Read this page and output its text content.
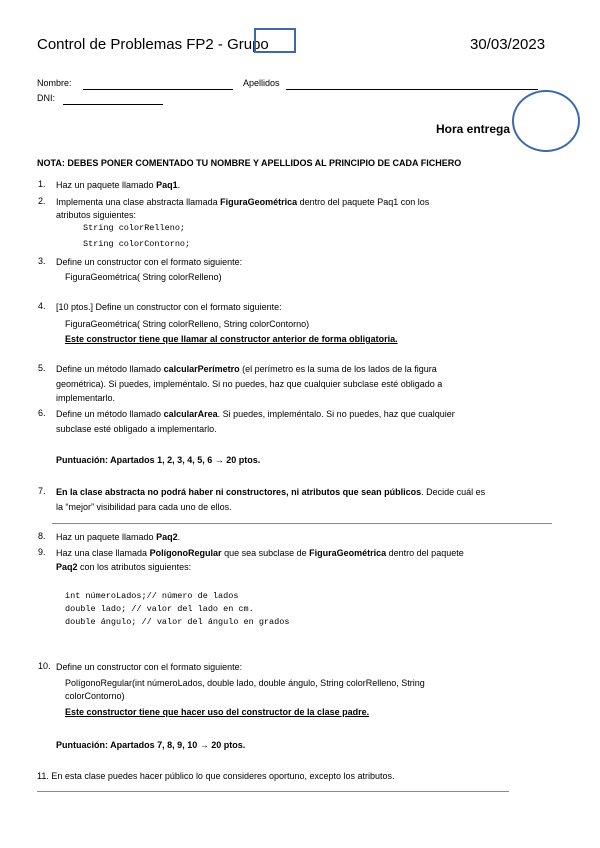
Control de Problemas FP2 - Grupo	30/03/2023
Nombre:	Apellidos
DNI:
Hora entrega
NOTA: DEBES PONER COMENTADO TU NOMBRE Y APELLIDOS AL PRINCIPIO DE CADA FICHERO
1. Haz un paquete llamado Paq1.
2. Implementa una clase abstracta llamada FiguraGeométrica dentro del paquete Paq1 con los
atributos siguientes:
String colorRelleno;
String colorContorno;
3. Define un constructor con el formato siguiente:
FiguraGeométrica( String colorRelleno)
4. [10 ptos.] Define un constructor con el formato siguiente:
FiguraGeométrica( String colorRelleno, String colorContorno)
Este constructor tiene que llamar al constructor anterior de forma obligatoria.
5. Define un método llamado calcularPerímetro (el perímetro es la suma de los lados de la figura
geométrica). Si puedes, impleméntalo. Si no puedes, haz que cualquier subclase esté obligado a
implementarlo.
6. Define un método llamado calcularArea. Si puedes, impleméntalo. Si no puedes, haz que cualquier
subclase esté obligado a implementarlo.
Puntuación: Apartados 1, 2, 3, 4, 5, 6 → 20 ptos.
7. En la clase abstracta no podrá haber ni constructores, ni atributos que sean públicos. Decide cuál es
la “mejor” visibilidad para cada uno de ellos.
8. Haz un paquete llamado Paq2.
9. Haz una clase llamada PolígonoRegular que sea subclase de FiguraGeométrica dentro del paquete
Paq2 con los atributos siguientes:
int númeroLados;// número de lados
double lado; // valor del lado en cm.
double ángulo; // valor del ángulo en grados
10. Define un constructor con el formato siguiente:
PolígonoRegular(int númeroLados, double lado, double ángulo, String colorRelleno, String
colorContorno)
Este constructor tiene que hacer uso del constructor de la clase padre.
Puntuación: Apartados 7, 8, 9, 10 → 20 ptos.
11. En esta clase puedes hacer público lo que consideres oportuno, excepto los atributos.
